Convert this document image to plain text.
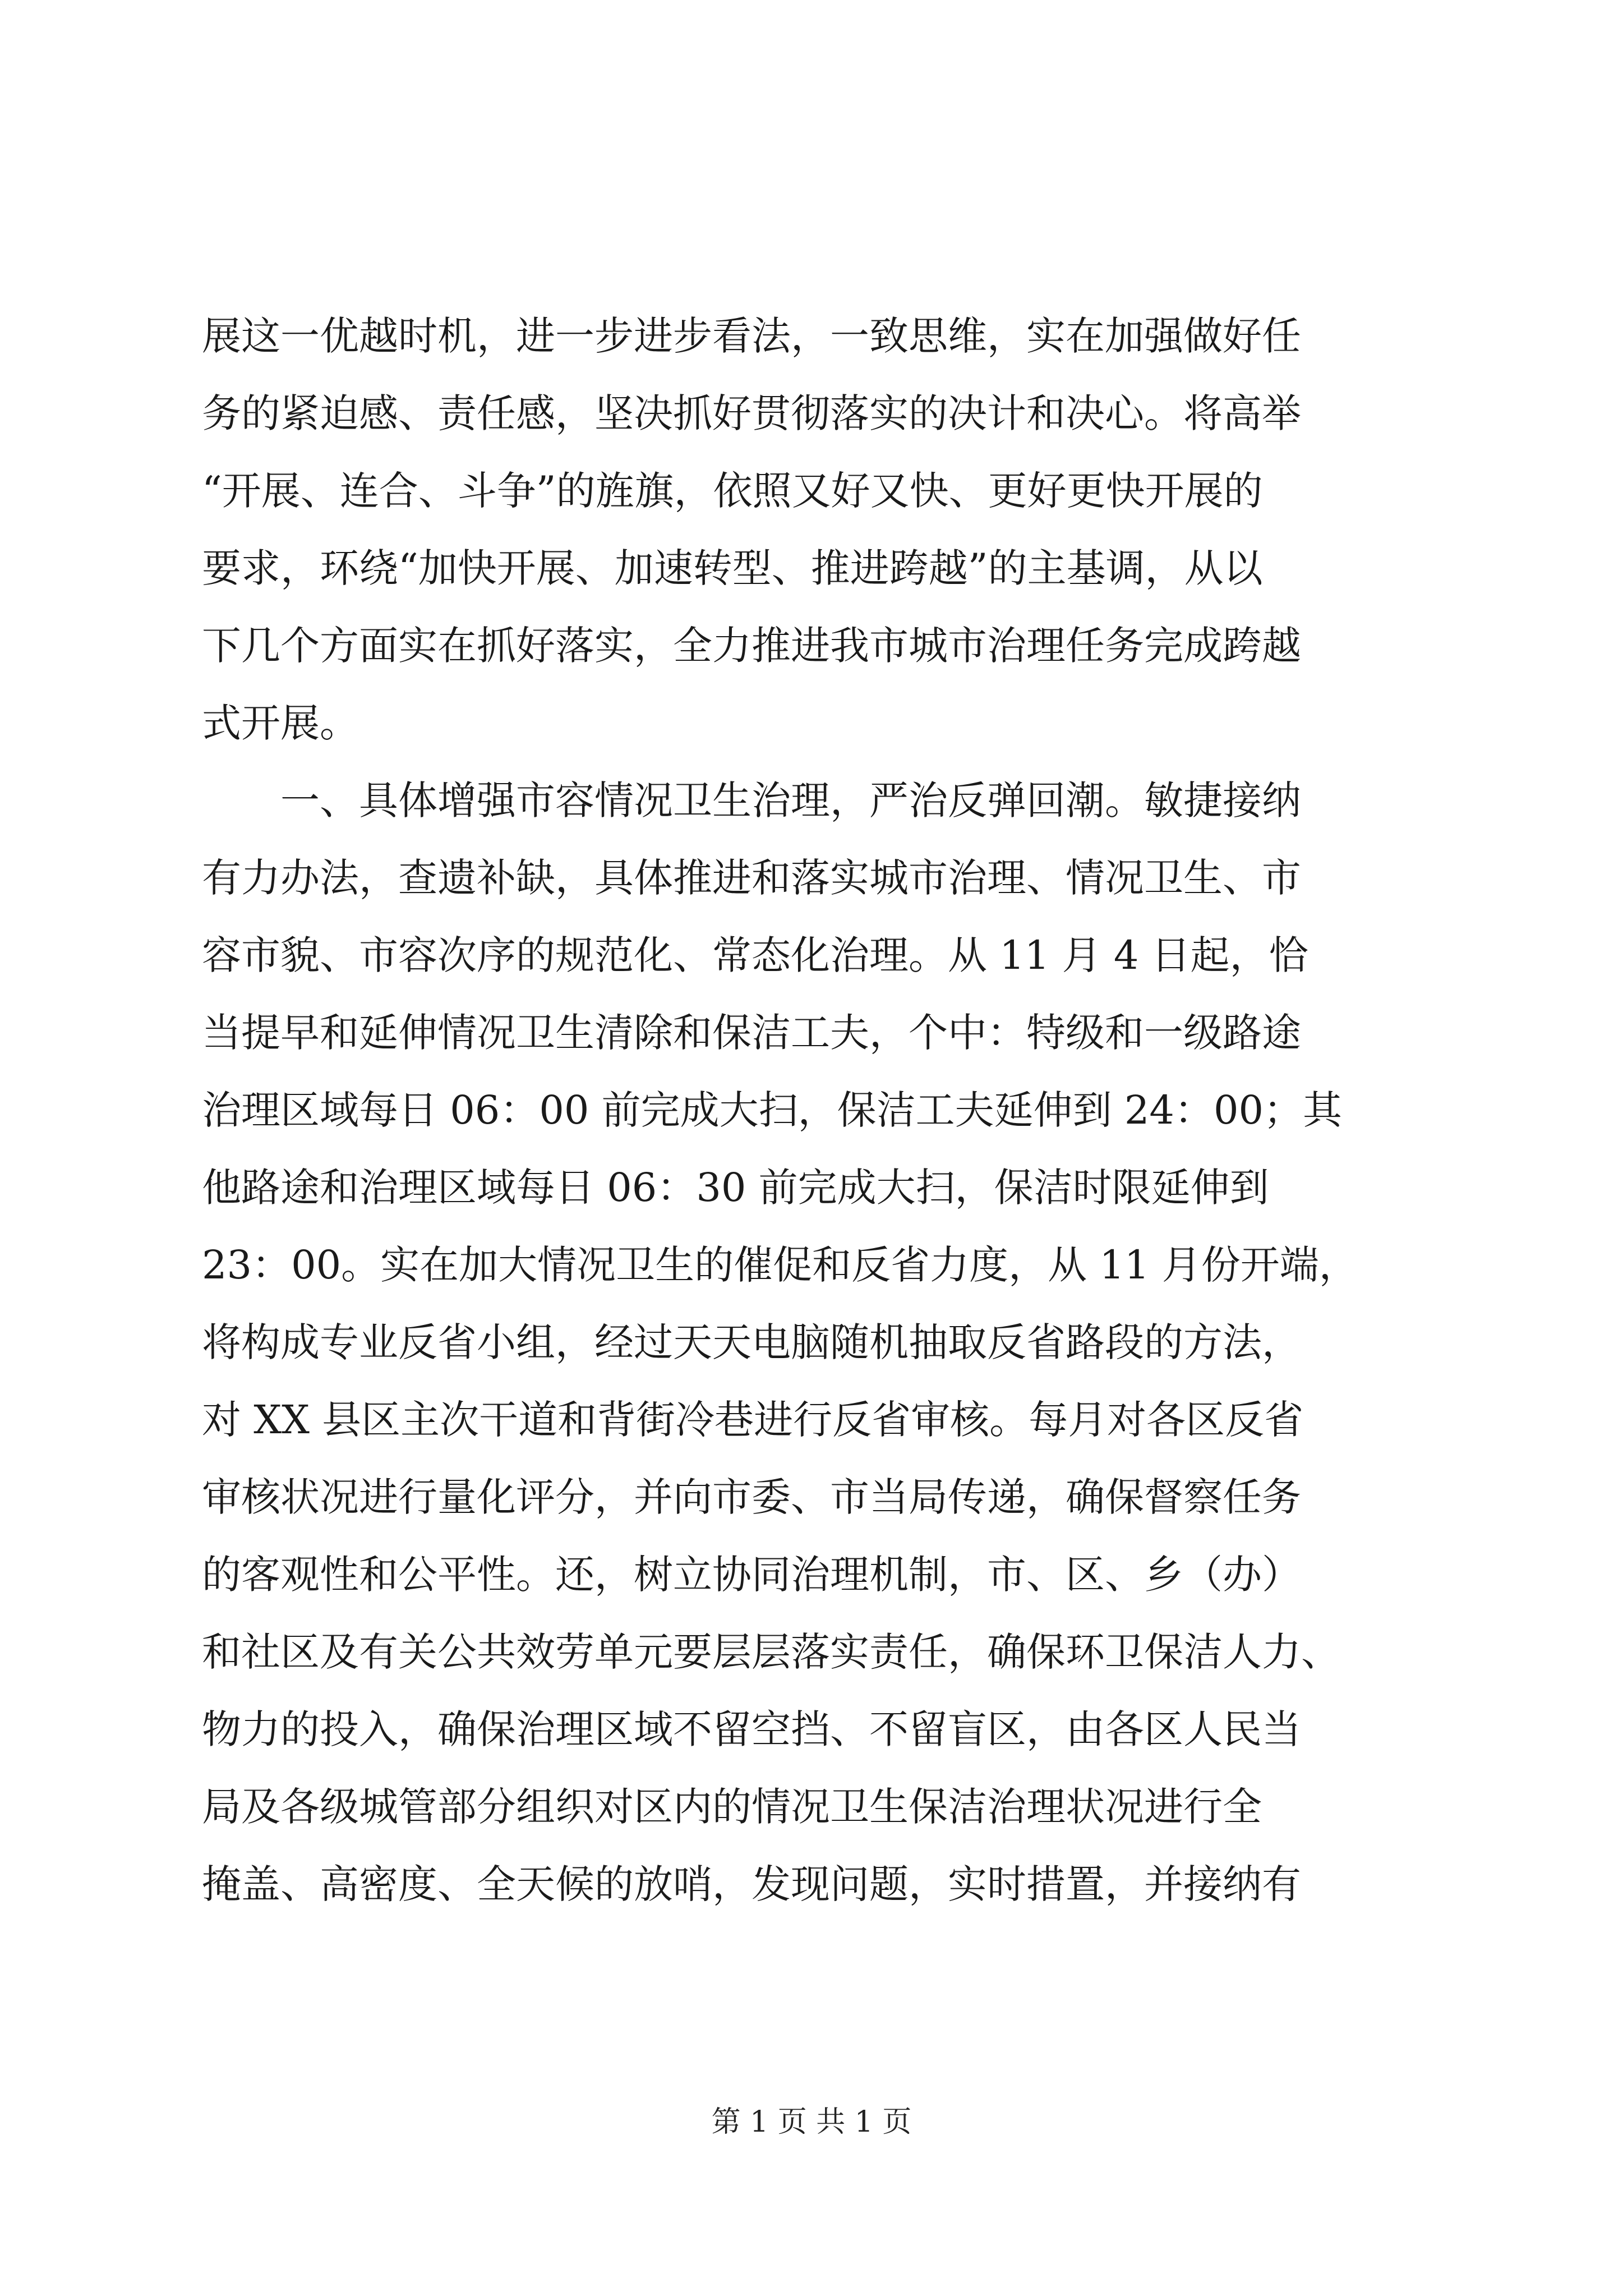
展这一优越时机，进一步进步看法，一致思维，实在加强做好任
务的紧迫感、责任感，坚决抓好贯彻落实的决计和决心。将高举
“开展、连合、斗争”的旌旗，依照又好又快、更好更快开展的
要求，环绕“加快开展、加速转型、推进跨越”的主基调，从以
下几个方面实在抓好落实，全力推进我市城市治理任务完成跨越
式开展。
　　一、具体增强市容情况卫生治理，严治反弹回潮。敏捷接纳
有力办法，查遗补缺，具体推进和落实城市治理、情况卫生、市
容市貌、市容次序的规范化、常态化治理。从 11 月 4 日起，恰
当提早和延伸情况卫生清除和保洁工夫，个中：特级和一级路途
治理区域每日 06：00 前完成大扫，保洁工夫延伸到 24：00；其
他路途和治理区域每日 06：30 前完成大扫，保洁时限延伸到
23：00。实在加大情况卫生的催促和反省力度，从 11 月份开端，
将构成专业反省小组，经过天天电脑随机抽取反省路段的方法，
对 XX 县区主次干道和背街冷巷进行反省审核。每月对各区反省
审核状况进行量化评分，并向市委、市当局传递，确保督察任务
的客观性和公平性。还，树立协同治理机制，市、区、乡（办）
和社区及有关公共效劳单元要层层落实责任，确保环卫保洁人力、
物力的投入，确保治理区域不留空挡、不留盲区，由各区人民当
局及各级城管部分组织对区内的情况卫生保洁治理状况进行全
掩盖、高密度、全天候的放哨，发现问题，实时措置，并接纳有
第 1 页 共 1 页
